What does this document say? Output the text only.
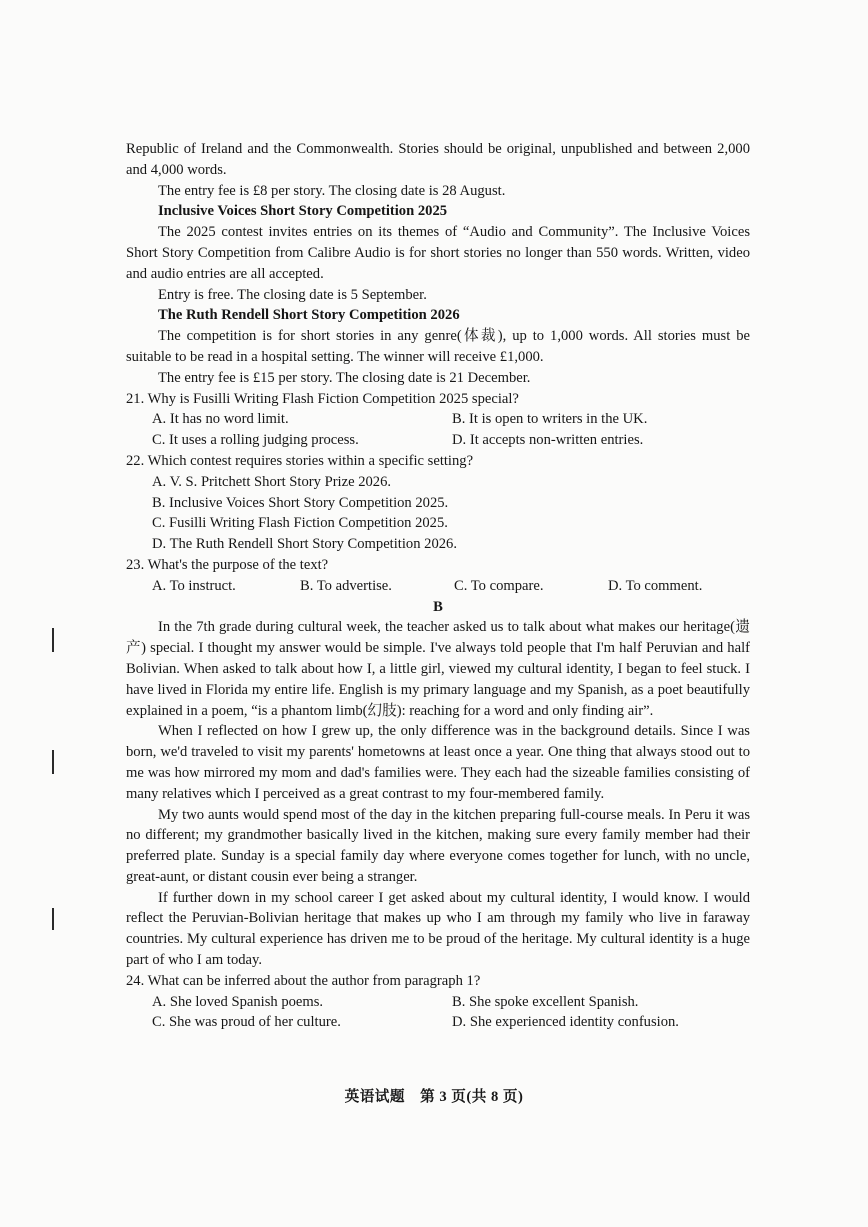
Republic of Ireland and the Commonwealth. Stories should be original, unpublished and between 2,000 and 4,000 words.

The entry fee is £8 per story. The closing date is 28 August.

Inclusive Voices Short Story Competition 2025

The 2025 contest invites entries on its themes of “Audio and Community”. The Inclusive Voices Short Story Competition from Calibre Audio is for short stories no longer than 550 words. Written, video and audio entries are all accepted.

Entry is free. The closing date is 5 September.

The Ruth Rendell Short Story Competition 2026

The competition is for short stories in any genre(体裁), up to 1,000 words. All stories must be suitable to be read in a hospital setting. The winner will receive £1,000.

The entry fee is £15 per story. The closing date is 21 December.

21. Why is Fusilli Writing Flash Fiction Competition 2025 special?

A. It has no word limit.	B. It is open to writers in the UK.

C. It uses a rolling judging process.	D. It accepts non-written entries.

22. Which contest requires stories within a specific setting?

A. V. S. Pritchett Short Story Prize 2026.

B. Inclusive Voices Short Story Competition 2025.

C. Fusilli Writing Flash Fiction Competition 2025.

D. The Ruth Rendell Short Story Competition 2026.

23. What's the purpose of the text?

A. To instruct.	B. To advertise.	C. To compare.	D. To comment.

B

In the 7th grade during cultural week, the teacher asked us to talk about what makes our heritage(遗产) special. I thought my answer would be simple. I've always told people that I'm half Peruvian and half Bolivian. When asked to talk about how I, a little girl, viewed my cultural identity, I began to feel stuck. I have lived in Florida my entire life. English is my primary language and my Spanish, as a poet beautifully explained in a poem, “is a phantom limb(幻肢): reaching for a word and only finding air”.

When I reflected on how I grew up, the only difference was in the background details. Since I was born, we'd traveled to visit my parents' hometowns at least once a year. One thing that always stood out to me was how mirrored my mom and dad's families were. They each had the sizeable families consisting of many relatives which I perceived as a great contrast to my four-membered family.

My two aunts would spend most of the day in the kitchen preparing full-course meals. In Peru it was no different; my grandmother basically lived in the kitchen, making sure every family member had their preferred plate. Sunday is a special family day where everyone comes together for lunch, with no uncle, great-aunt, or distant cousin ever being a stranger.

If further down in my school career I get asked about my cultural identity, I would know. I would reflect the Peruvian-Bolivian heritage that makes up who I am through my family who live in faraway countries. My cultural experience has driven me to be proud of the heritage. My cultural identity is a huge part of who I am today.

24. What can be inferred about the author from paragraph 1?

A. She loved Spanish poems.	B. She spoke excellent Spanish.

C. She was proud of her culture.	D. She experienced identity confusion.

英语试题　第 3 页(共 8 页)
